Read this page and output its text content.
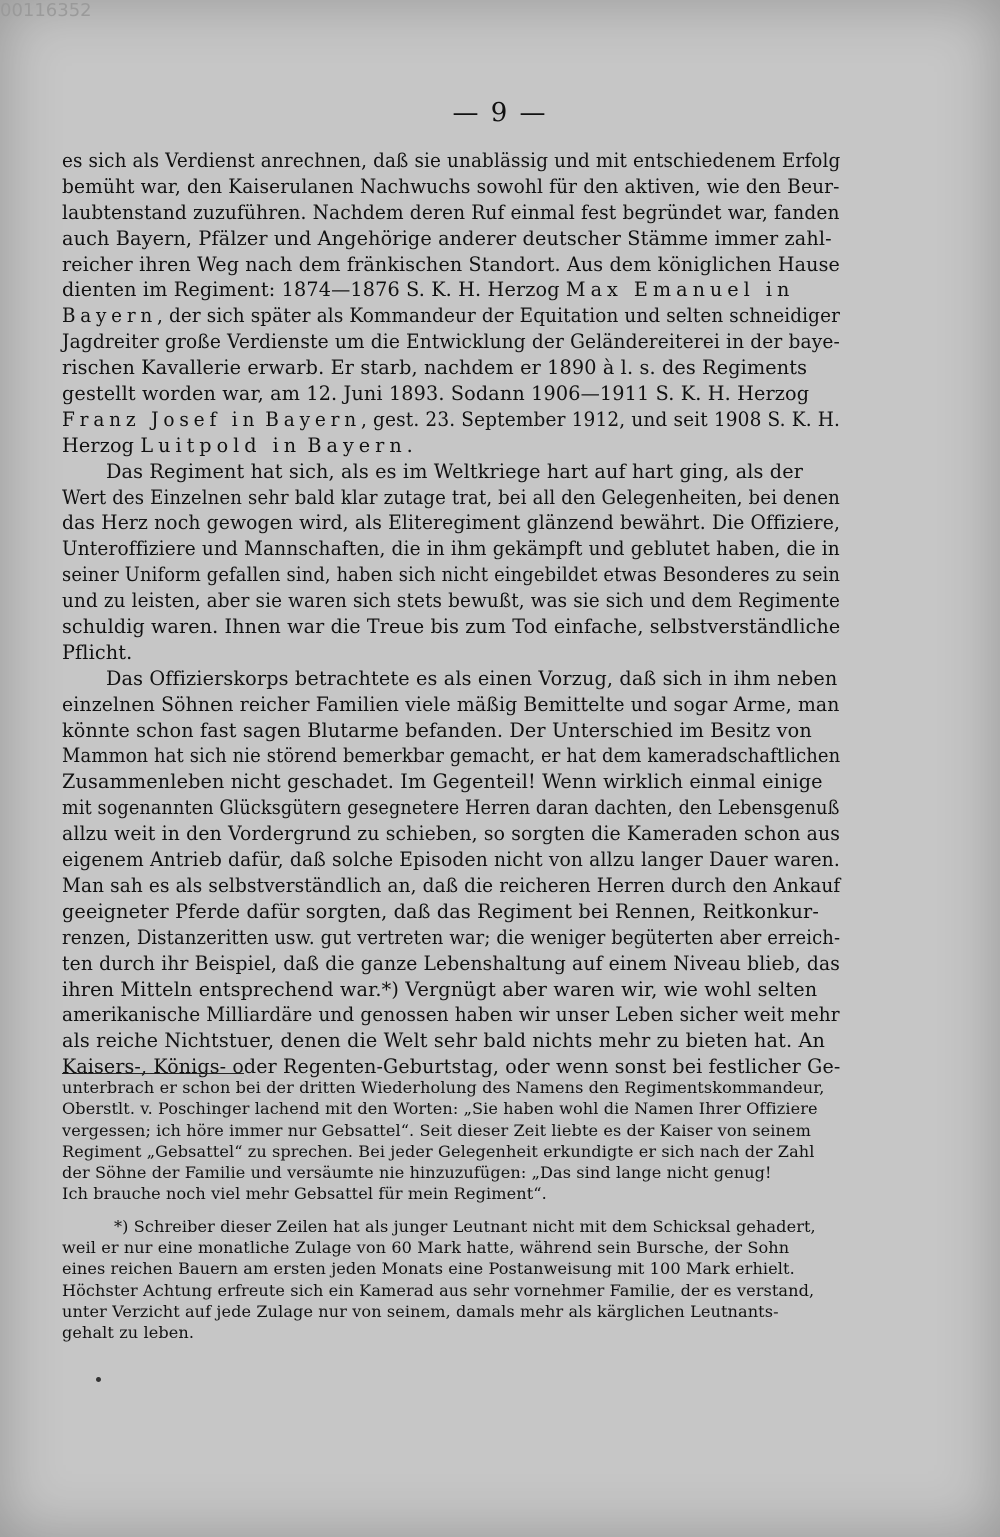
00116352
— 9 —
es sich als Verdienst anrechnen, daß sie unablässig und mit entschiedenem Erfolg
bemüht war, den Kaiserulanen Nachwuchs sowohl für den aktiven, wie den Beur-
laubtenstand zuzuführen. Nachdem deren Ruf einmal fest begründet war, fanden
auch Bayern, Pfälzer und Angehörige anderer deutscher Stämme immer zahl-
reicher ihren Weg nach dem fränkischen Standort. Aus dem königlichen Hause
dienten im Regiment: 1874—1876 S. K. H. Herzog Max Emanuel in
Bayern, der sich später als Kommandeur der Equitation und selten schneidiger
Jagdreiter große Verdienste um die Entwicklung der Geländereiterei in der baye-
rischen Kavallerie erwarb. Er starb, nachdem er 1890 à l. s. des Regiments
gestellt worden war, am 12. Juni 1893. Sodann 1906—1911 S. K. H. Herzog
Franz Josef in Bayern, gest. 23. September 1912, und seit 1908 S. K. H.
Herzog Luitpold in Bayern.
Das Regiment hat sich, als es im Weltkriege hart auf hart ging, als der
Wert des Einzelnen sehr bald klar zutage trat, bei all den Gelegenheiten, bei denen
das Herz noch gewogen wird, als Eliteregiment glänzend bewährt. Die Offiziere,
Unteroffiziere und Mannschaften, die in ihm gekämpft und geblutet haben, die in
seiner Uniform gefallen sind, haben sich nicht eingebildet etwas Besonderes zu sein
und zu leisten, aber sie waren sich stets bewußt, was sie sich und dem Regimente
schuldig waren. Ihnen war die Treue bis zum Tod einfache, selbstverständliche
Pflicht.
Das Offizierskorps betrachtete es als einen Vorzug, daß sich in ihm neben
einzelnen Söhnen reicher Familien viele mäßig Bemittelte und sogar Arme, man
könnte schon fast sagen Blutarme befanden. Der Unterschied im Besitz von
Mammon hat sich nie störend bemerkbar gemacht, er hat dem kameradschaftlichen
Zusammenleben nicht geschadet. Im Gegenteil! Wenn wirklich einmal einige
mit sogenannten Glücksgütern gesegnetere Herren daran dachten, den Lebensgenuß
allzu weit in den Vordergrund zu schieben, so sorgten die Kameraden schon aus
eigenem Antrieb dafür, daß solche Episoden nicht von allzu langer Dauer waren.
Man sah es als selbstverständlich an, daß die reicheren Herren durch den Ankauf
geeigneter Pferde dafür sorgten, daß das Regiment bei Rennen, Reitkonkur-
renzen, Distanzeritten usw. gut vertreten war; die weniger begüterten aber erreich-
ten durch ihr Beispiel, daß die ganze Lebenshaltung auf einem Niveau blieb, das
ihren Mitteln entsprechend war.*) Vergnügt aber waren wir, wie wohl selten
amerikanische Milliardäre und genossen haben wir unser Leben sicher weit mehr
als reiche Nichtstuer, denen die Welt sehr bald nichts mehr zu bieten hat. An
Kaisers-, Königs- oder Regenten-Geburtstag, oder wenn sonst bei festlicher Ge-
unterbrach er schon bei der dritten Wiederholung des Namens den Regimentskommandeur,
Oberstlt. v. Poschinger lachend mit den Worten: „Sie haben wohl die Namen Ihrer Offiziere
vergessen; ich höre immer nur Gebsattel“. Seit dieser Zeit liebte es der Kaiser von seinem
Regiment „Gebsattel“ zu sprechen. Bei jeder Gelegenheit erkundigte er sich nach der Zahl
der Söhne der Familie und versäumte nie hinzuzufügen: „Das sind lange nicht genug!
Ich brauche noch viel mehr Gebsattel für mein Regiment“.
*) Schreiber dieser Zeilen hat als junger Leutnant nicht mit dem Schicksal gehadert,
weil er nur eine monatliche Zulage von 60 Mark hatte, während sein Bursche, der Sohn
eines reichen Bauern am ersten jeden Monats eine Postanweisung mit 100 Mark erhielt.
Höchster Achtung erfreute sich ein Kamerad aus sehr vornehmer Familie, der es verstand,
unter Verzicht auf jede Zulage nur von seinem, damals mehr als kärglichen Leutnants-
gehalt zu leben.
